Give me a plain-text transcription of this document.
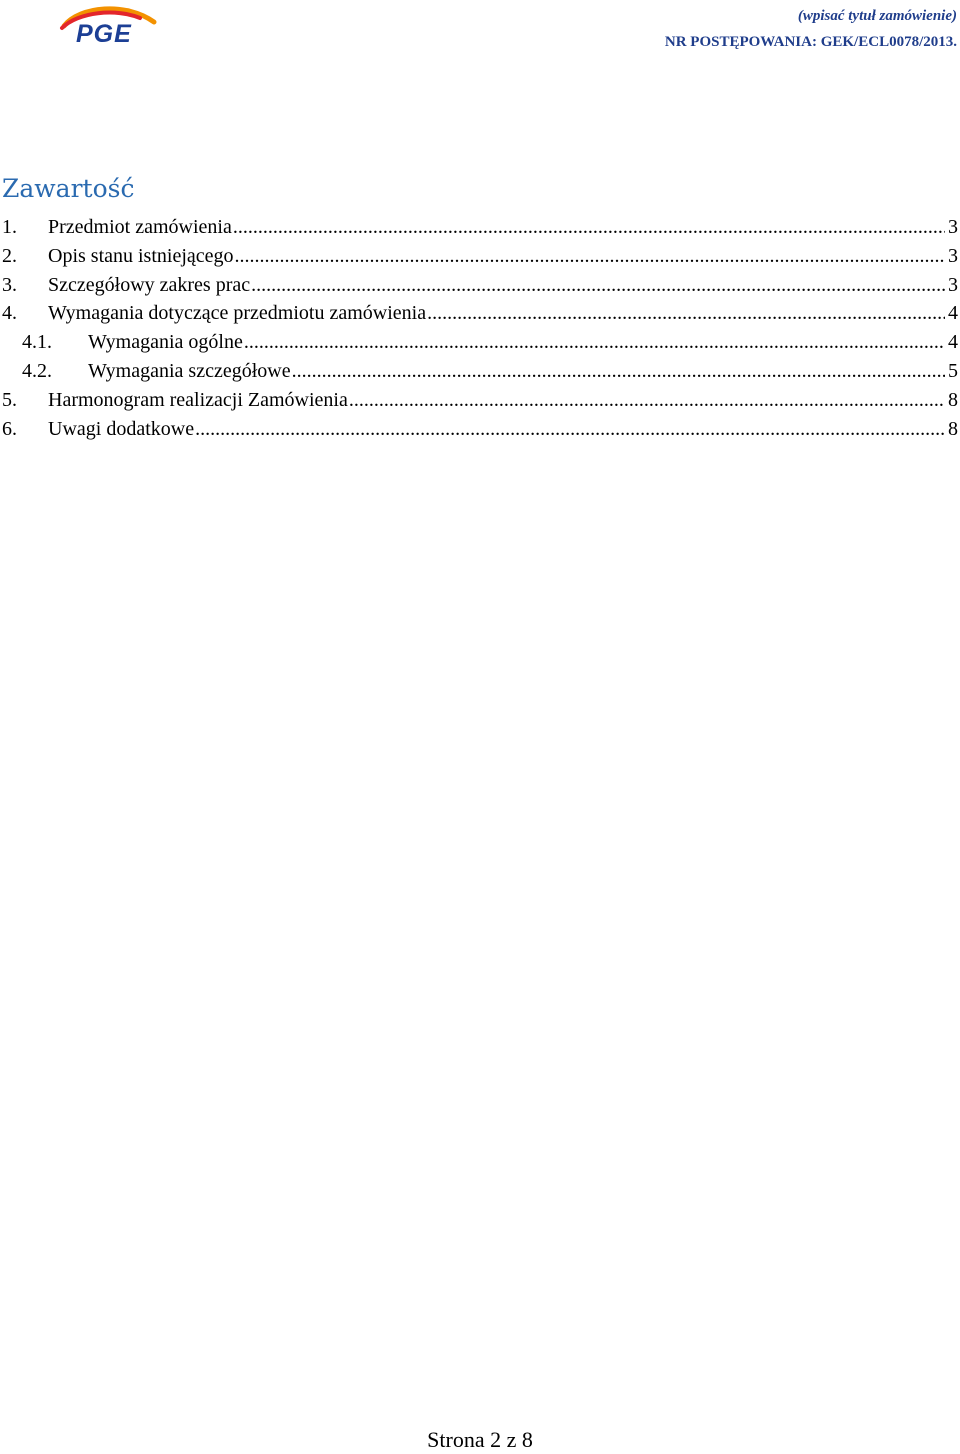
PGE
(wpisać tytuł zamówienie)
NR POSTĘPOWANIA: GEK/ECL0078/2013.
Zawartość
1.	Przedmiot zamówienia .....	3
2.	Opis stanu istniejącego .....	3
3.	Szczegółowy zakres prac .....	3
4.	Wymagania dotyczące przedmiotu zamówienia .....	4
4.1.	Wymagania ogólne .....	4
4.2.	Wymagania szczegółowe .....	5
5.	Harmonogram realizacji Zamówienia .....	8
6.	Uwagi dodatkowe .....	8
Strona 2 z 8
